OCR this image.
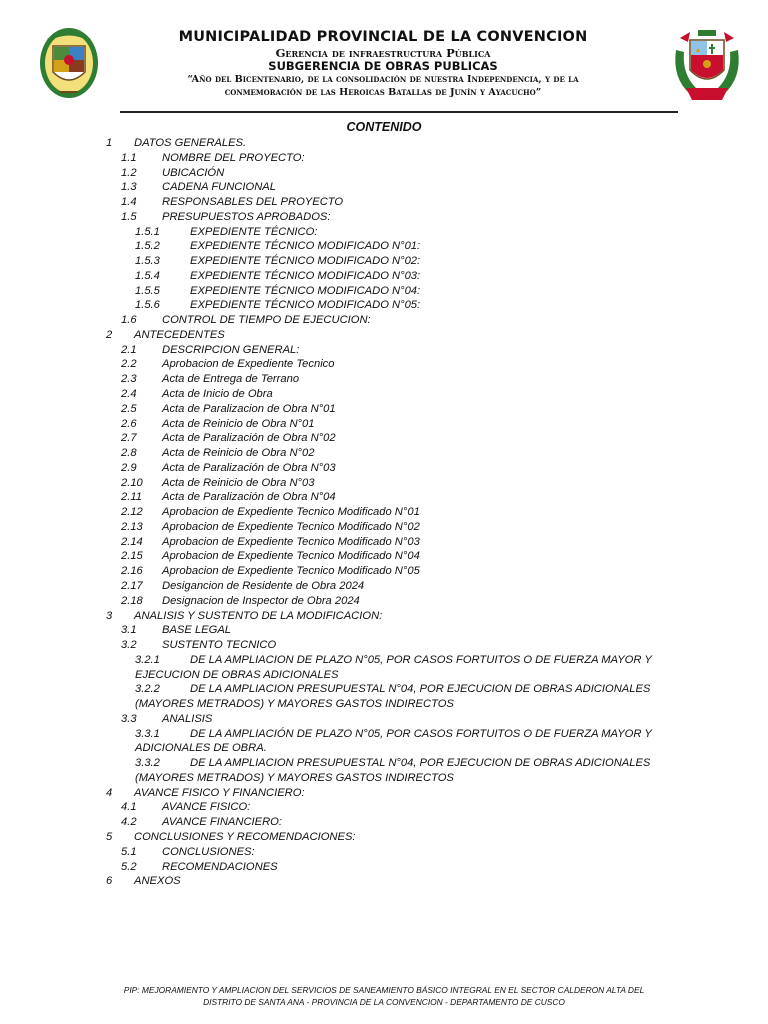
MUNICIPALIDAD PROVINCIAL DE LA CONVENCION
Gerencia de infraestructura Pública
SUBGERENCIA DE OBRAS PUBLICAS
“Año del Bicentenario, de la consolidación de nuestra Independencia, y de la
conmemoración de las Heroicas Batallas de Junín y Ayacucho”
CONTENIDO
1 DATOS GENERALES.
1.1 NOMBRE DEL PROYECTO:
1.2 UBICACIÓN
1.3 CADENA FUNCIONAL
1.4 RESPONSABLES DEL PROYECTO
1.5 PRESUPUESTOS APROBADOS:
1.5.1	EXPEDIENTE TÉCNICO:
1.5.2	EXPEDIENTE TÉCNICO MODIFICADO N°01:
1.5.3	EXPEDIENTE TÉCNICO MODIFICADO N°02:
1.5.4	EXPEDIENTE TÉCNICO MODIFICADO N°03:
1.5.5	EXPEDIENTE TÉCNICO MODIFICADO N°04:
1.5.6	EXPEDIENTE TÉCNICO MODIFICADO N°05:
1.6 CONTROL DE TIEMPO DE EJECUCION:
2 ANTECEDENTES
2.1 DESCRIPCION GENERAL:
2.2 Aprobacion de Expediente Tecnico
2.3 Acta de Entrega de Terrano
2.4 Acta de Inicio de Obra
2.5 Acta de Paralizacion de Obra N°01
2.6 Acta de Reinicio de Obra N°01
2.7 Acta de Paralización de Obra N°02
2.8 Acta de Reinicio de Obra N°02
2.9 Acta de Paralización de Obra N°03
2.10 Acta de Reinicio de Obra N°03
2.11 Acta de Paralización de Obra N°04
2.12 Aprobacion de Expediente Tecnico Modificado N°01
2.13 Aprobacion de Expediente Tecnico Modificado N°02
2.14 Aprobacion de Expediente Tecnico Modificado N°03
2.15 Aprobacion de Expediente Tecnico Modificado N°04
2.16 Aprobacion de Expediente Tecnico Modificado N°05
2.17 Desigancion de Residente de Obra 2024
2.18 Designacion de Inspector de Obra 2024
3 ANALISIS Y SUSTENTO DE LA MODIFICACION:
3.1 BASE LEGAL
3.2 SUSTENTO TECNICO
3.2.1	DE LA AMPLIACION DE PLAZO N°05, POR CASOS FORTUITOS O DE FUERZA MAYOR Y
EJECUCION DE OBRAS ADICIONALES
3.2.2	DE LA AMPLIACION PRESUPUESTAL N°04, POR EJECUCION DE OBRAS ADICIONALES
(MAYORES METRADOS) Y MAYORES GASTOS INDIRECTOS
3.3 ANALISIS
3.3.1	DE LA AMPLIACIÓN DE PLAZO N°05, POR CASOS FORTUITOS O DE FUERZA MAYOR Y
ADICIONALES DE OBRA.
3.3.2	DE LA AMPLIACION PRESUPUESTAL N°04, POR EJECUCION DE OBRAS ADICIONALES
(MAYORES METRADOS) Y MAYORES GASTOS INDIRECTOS
4 AVANCE FISICO Y FINANCIERO:
4.1 AVANCE FISICO:
4.2 AVANCE FINANCIERO:
5 CONCLUSIONES Y RECOMENDACIONES:
5.1 CONCLUSIONES:
5.2 RECOMENDACIONES
6 ANEXOS
PIP: MEJORAMIENTO Y AMPLIACION DEL SERVICIOS DE SANEAMIENTO BÁSICO INTEGRAL EN EL SECTOR CALDERON ALTA DEL
DISTRITO DE SANTA ANA - PROVINCIA DE LA CONVENCION - DEPARTAMENTO DE CUSCO
